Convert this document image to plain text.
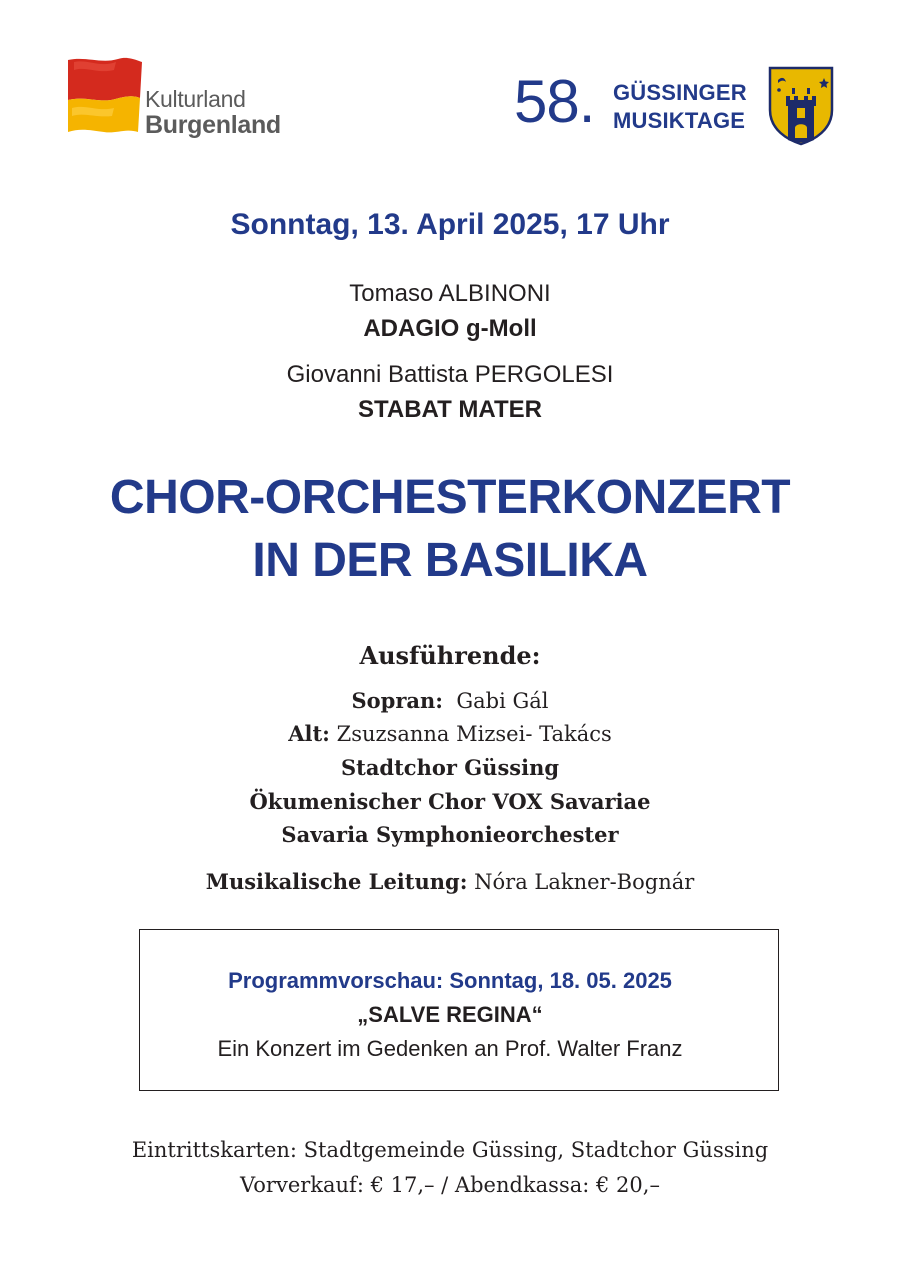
Kulturland
Burgenland	58. GÜSSINGER
MUSIKTAGE
Sonntag, 13. April 2025, 17 Uhr
Tomaso ALBINONI
ADAGIO g-Moll
Giovanni Battista PERGOLESI
STABAT MATER
CHOR-ORCHESTERKONZERT
IN DER BASILIKA
Ausführende:
Sopran: Gabi Gál
Alt: Zsuzsanna Mizsei- Takács
Stadtchor Güssing
Ökumenischer Chor VOX Savariae
Savaria Symphonieorchester
Musikalische Leitung: Nóra Lakner-Bognár
Programmvorschau: Sonntag, 18. 05. 2025
„SALVE REGINA“
Ein Konzert im Gedenken an Prof. Walter Franz
Eintrittskarten: Stadtgemeinde Güssing, Stadtchor Güssing
Vorverkauf: € 17,– / Abendkassa: € 20,–
